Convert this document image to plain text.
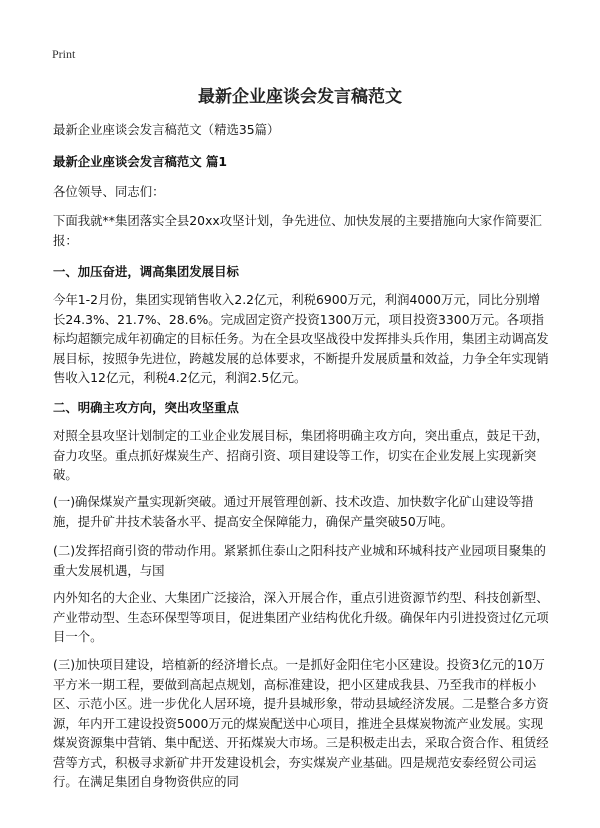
Print
最新企业座谈会发言稿范文

最新企业座谈会发言稿范文（精选35篇）

最新企业座谈会发言稿范文 篇1

各位领导、同志们：

下面我就**集团落实全县20xx攻坚计划，争先进位、加快发展的主要措施向大家作简要汇报：

一、加压奋进，调高集团发展目标

今年1-2月份，集团实现销售收入2.2亿元，利税6900万元，利润4000万元，同比分别增长24.3%、21.7%、28.6%。完成固定资产投资1300万元，项目投资3300万元。各项指标均超额完成年初确定的目标任务。为在全县攻坚战役中发挥排头兵作用，集团主动调高发展目标，按照争先进位，跨越发展的总体要求，不断提升发展质量和效益，力争全年实现销售收入12亿元，利税4.2亿元，利润2.5亿元。

二、明确主攻方向，突出攻坚重点

对照全县攻坚计划制定的工业企业发展目标，集团将明确主攻方向，突出重点，鼓足干劲，奋力攻坚。重点抓好煤炭生产、招商引资、项目建设等工作，切实在企业发展上实现新突破。

(一)确保煤炭产量实现新突破。通过开展管理创新、技术改造、加快数字化矿山建设等措施，提升矿井技术装备水平、提高安全保障能力，确保产量突破50万吨。

(二)发挥招商引资的带动作用。紧紧抓住泰山之阳科技产业城和环城科技产业园项目聚集的重大发展机遇，与国

内外知名的大企业、大集团广泛接洽，深入开展合作，重点引进资源节约型、科技创新型、产业带动型、生态环保型等项目，促进集团产业结构优化升级。确保年内引进投资过亿元项目一个。

(三)加快项目建设，培植新的经济增长点。一是抓好金阳住宅小区建设。投资3亿元的10万平方米一期工程，要做到高起点规划，高标准建设，把小区建成我县、乃至我市的样板小区、示范小区。进一步优化人居环境，提升县城形象，带动县域经济发展。二是整合多方资源，年内开工建设投资5000万元的煤炭配送中心项目，推进全县煤炭物流产业发展。实现煤炭资源集中营销、集中配送、开拓煤炭大市场。三是积极走出去，采取合资合作、租赁经营等方式，积极寻求新矿井开发建设机会，夯实煤炭产业基础。四是规范安泰经贸公司运行。在满足集团自身物资供应的同
